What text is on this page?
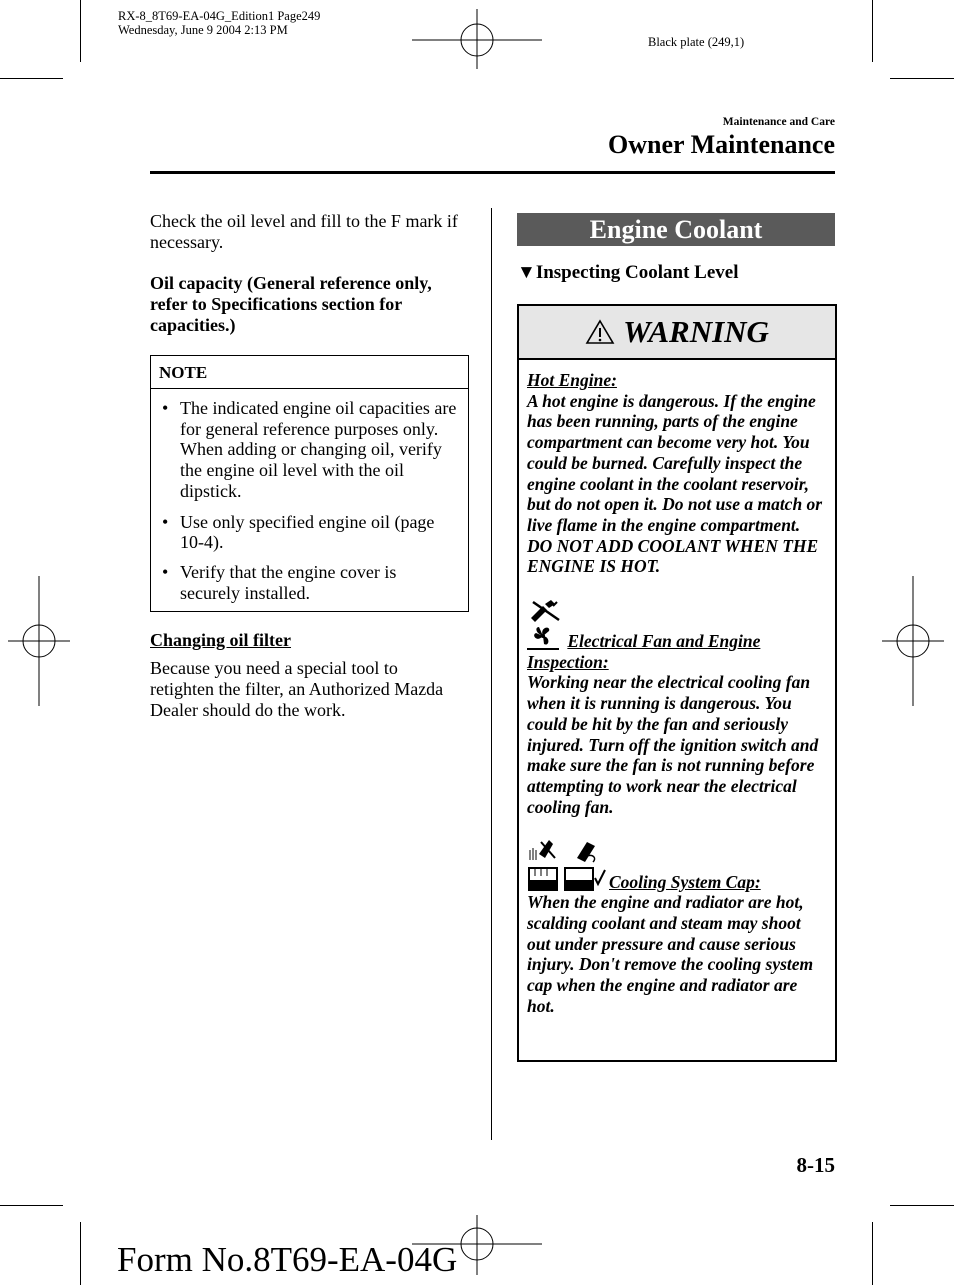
RX-8_8T69-EA-04G_Edition1 Page249
Wednesday, June 9 2004 2:13 PM
Black plate (249,1)
Maintenance and Care
Owner Maintenance
Check the oil level and fill to the F mark if necessary.
Oil capacity (General reference only, refer to Specifications section for capacities.)
NOTE
• The indicated engine oil capacities are for general reference purposes only. When adding or changing oil, verify the engine oil level with the oil dipstick.
• Use only specified engine oil (page 10-4).
• Verify that the engine cover is securely installed.
Changing oil filter
Because you need a special tool to retighten the filter, an Authorized Mazda Dealer should do the work.
Engine Coolant
▼Inspecting Coolant Level
WARNING

Hot Engine:

A hot engine is dangerous. If the engine has been running, parts of the engine compartment can become very hot. You could be burned. Carefully inspect the engine coolant in the coolant reservoir, but do not open it. Do not use a match or live flame in the engine compartment. DO NOT ADD COOLANT WHEN THE ENGINE IS HOT.

Electrical Fan and Engine Inspection:

Working near the electrical cooling fan when it is running is dangerous. You could be hit by the fan and seriously injured. Turn off the ignition switch and make sure the fan is not running before attempting to work near the electrical cooling fan.

Cooling System Cap:

When the engine and radiator are hot, scalding coolant and steam may shoot out under pressure and cause serious injury. Don't remove the cooling system cap when the engine and radiator are hot.

8-15
Form No.8T69-EA-04G
